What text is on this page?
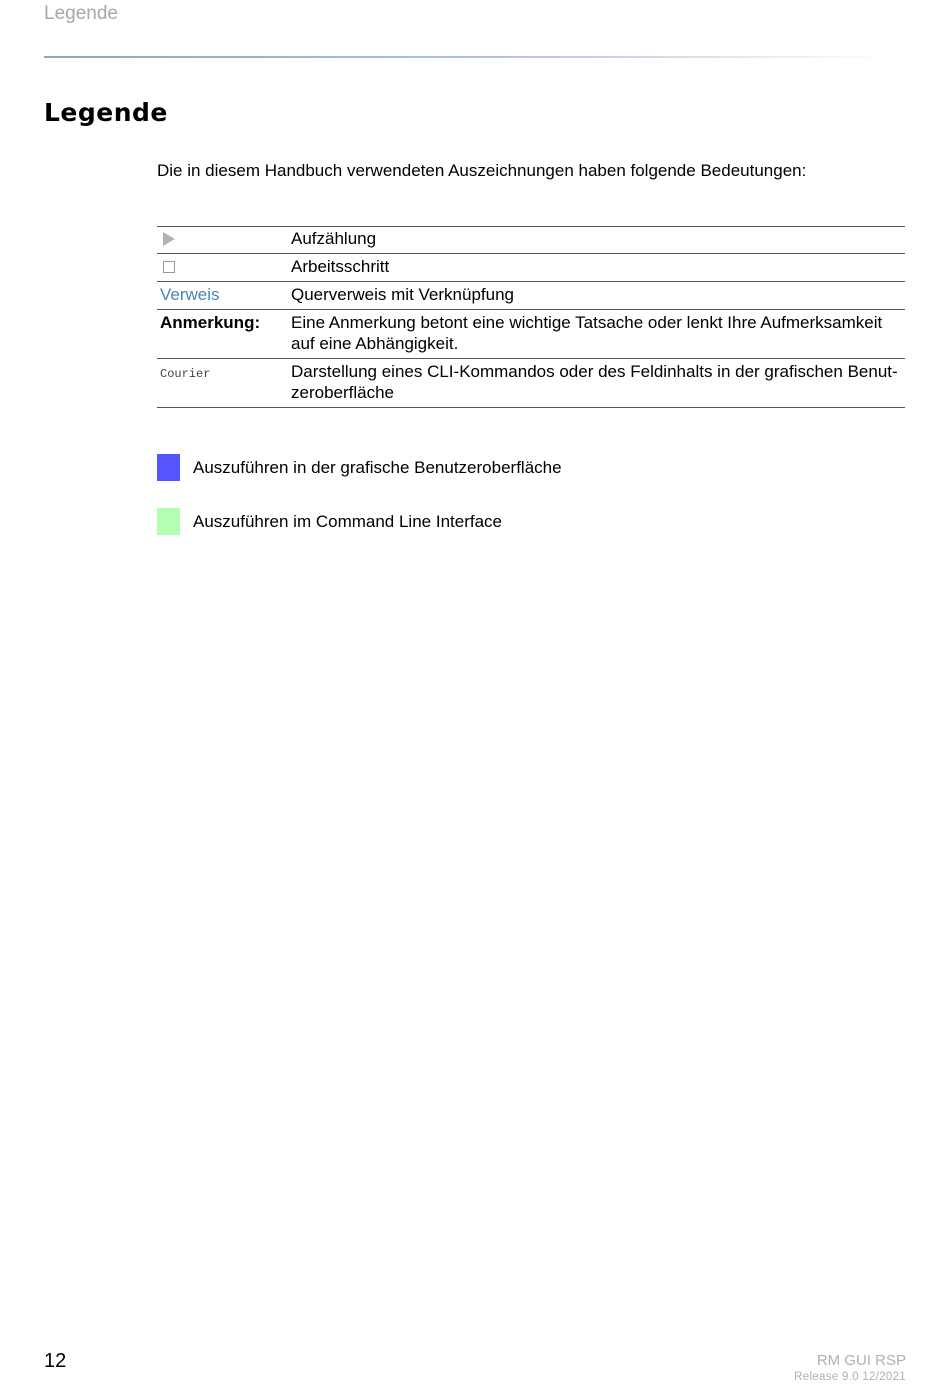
Legende
Legende
Die in diesem Handbuch verwendeten Auszeichnungen haben folgende Bedeutungen:
	Aufzählung
	Arbeitsschritt
Verweis	Querverweis mit Verknüpfung
Anmerkung:	Eine Anmerkung betont eine wichtige Tatsache oder lenkt Ihre Aufmerksamkeit auf eine Abhängigkeit.
Courier	Darstellung eines CLI-Kommandos oder des Feldinhalts in der grafischen Benutzeroberfläche
Auszuführen in der grafische Benutzeroberfläche
Auszuführen im Command Line Interface
12	RM GUI RSP
Release 9.0 12/2021
